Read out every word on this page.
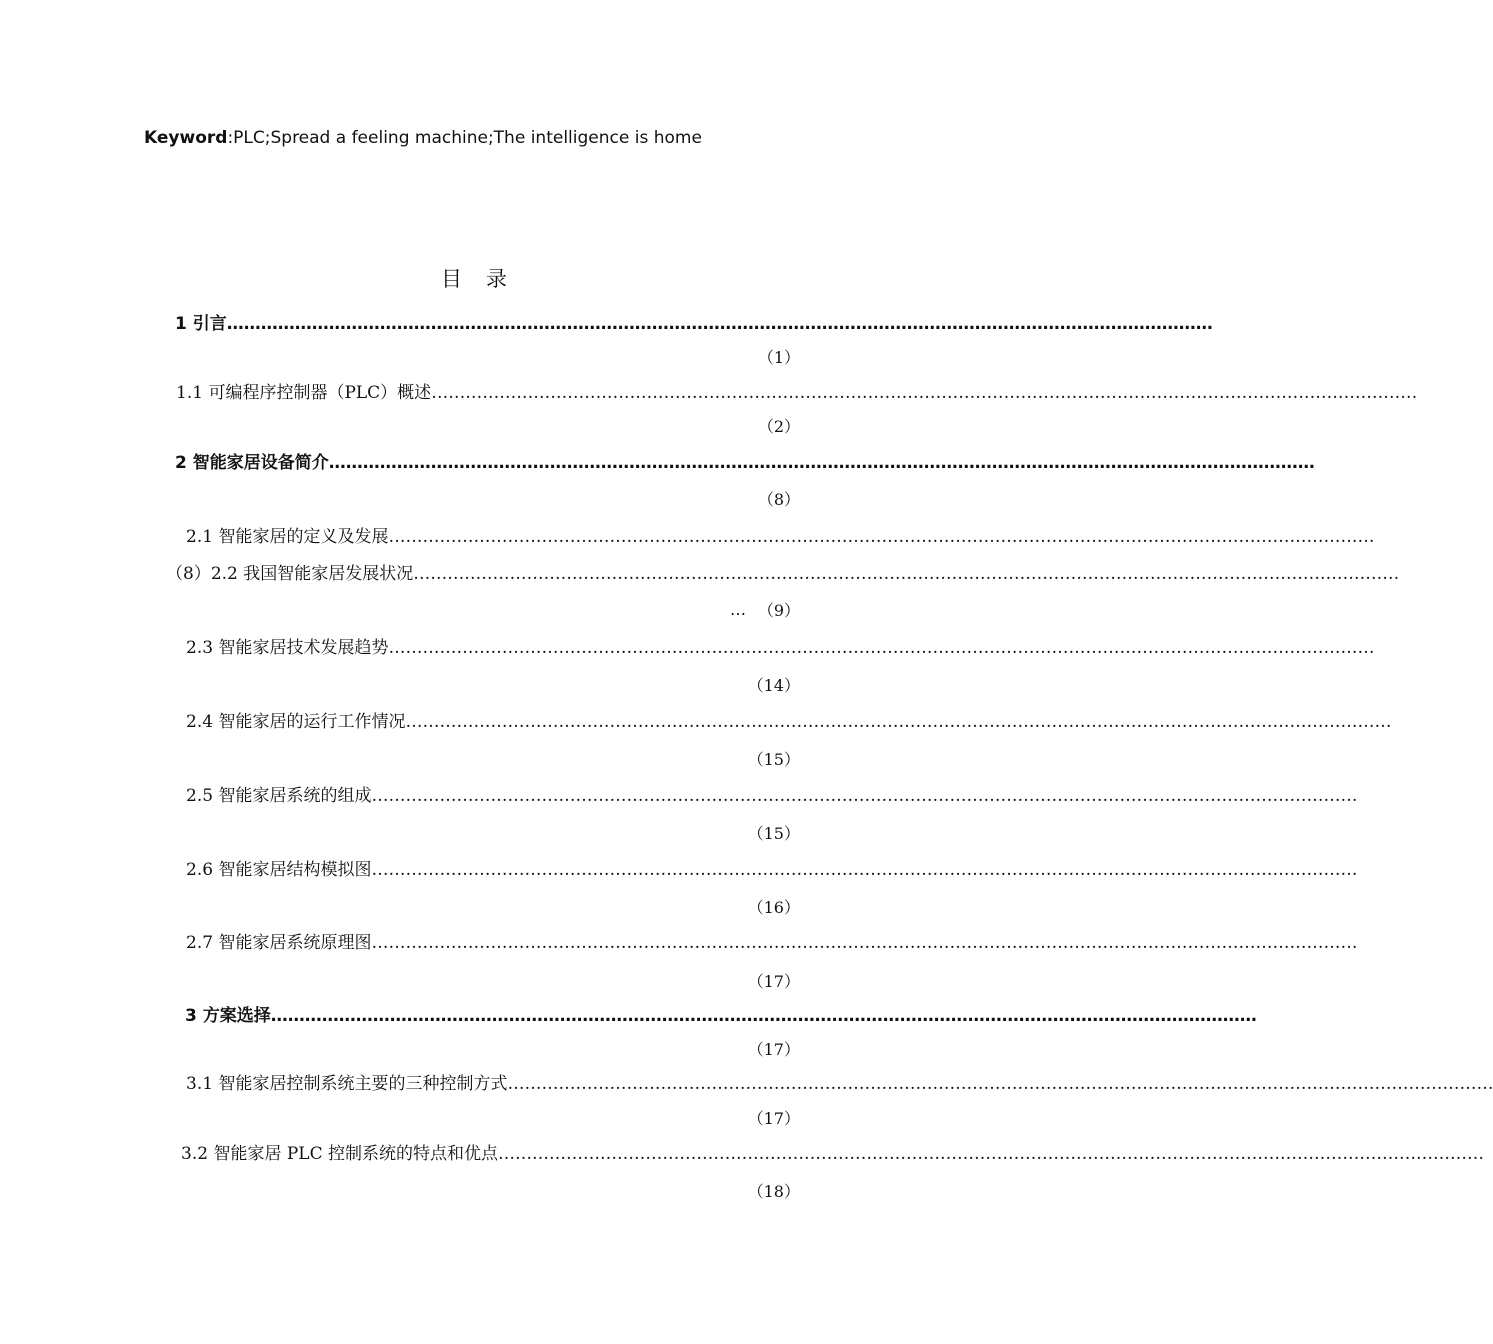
Keyword:PLC;Spread a feeling machine;The intelligence is home
目 录
1 引言 …………………………………………………………………………………………………………………………………………………………
（1）
1.1 可编程序控制器（PLC）概述 …………………………………………………………………………………………………………………………………………………………
（2）
2 智能家居设备简介 …………………………………………………………………………………………………………………………………………………………
（8）
2.1 智能家居的定义及发展 …………………………………………………………………………………………………………………………………………………………
（8） 2.2 我国智能家居发展状况 …………………………………………………………………………………………………………………………………………………………
… （9）
2.3 智能家居技术发展趋势 …………………………………………………………………………………………………………………………………………………………
（14）
2.4 智能家居的运行工作情况 …………………………………………………………………………………………………………………………………………………………
（15）
2.5 智能家居系统的组成 …………………………………………………………………………………………………………………………………………………………
（15）
2.6 智能家居结构模拟图 …………………………………………………………………………………………………………………………………………………………
（16）
2.7 智能家居系统原理图 …………………………………………………………………………………………………………………………………………………………
（17）
3 方案选择 …………………………………………………………………………………………………………………………………………………………
（17）
3.1 智能家居控制系统主要的三种控制方式 …………………………………………………………………………………………………………………………………………………………
（17）
3.2 智能家居 PLC 控制系统的特点和优点 …………………………………………………………………………………………………………………………………………………………
（18）
